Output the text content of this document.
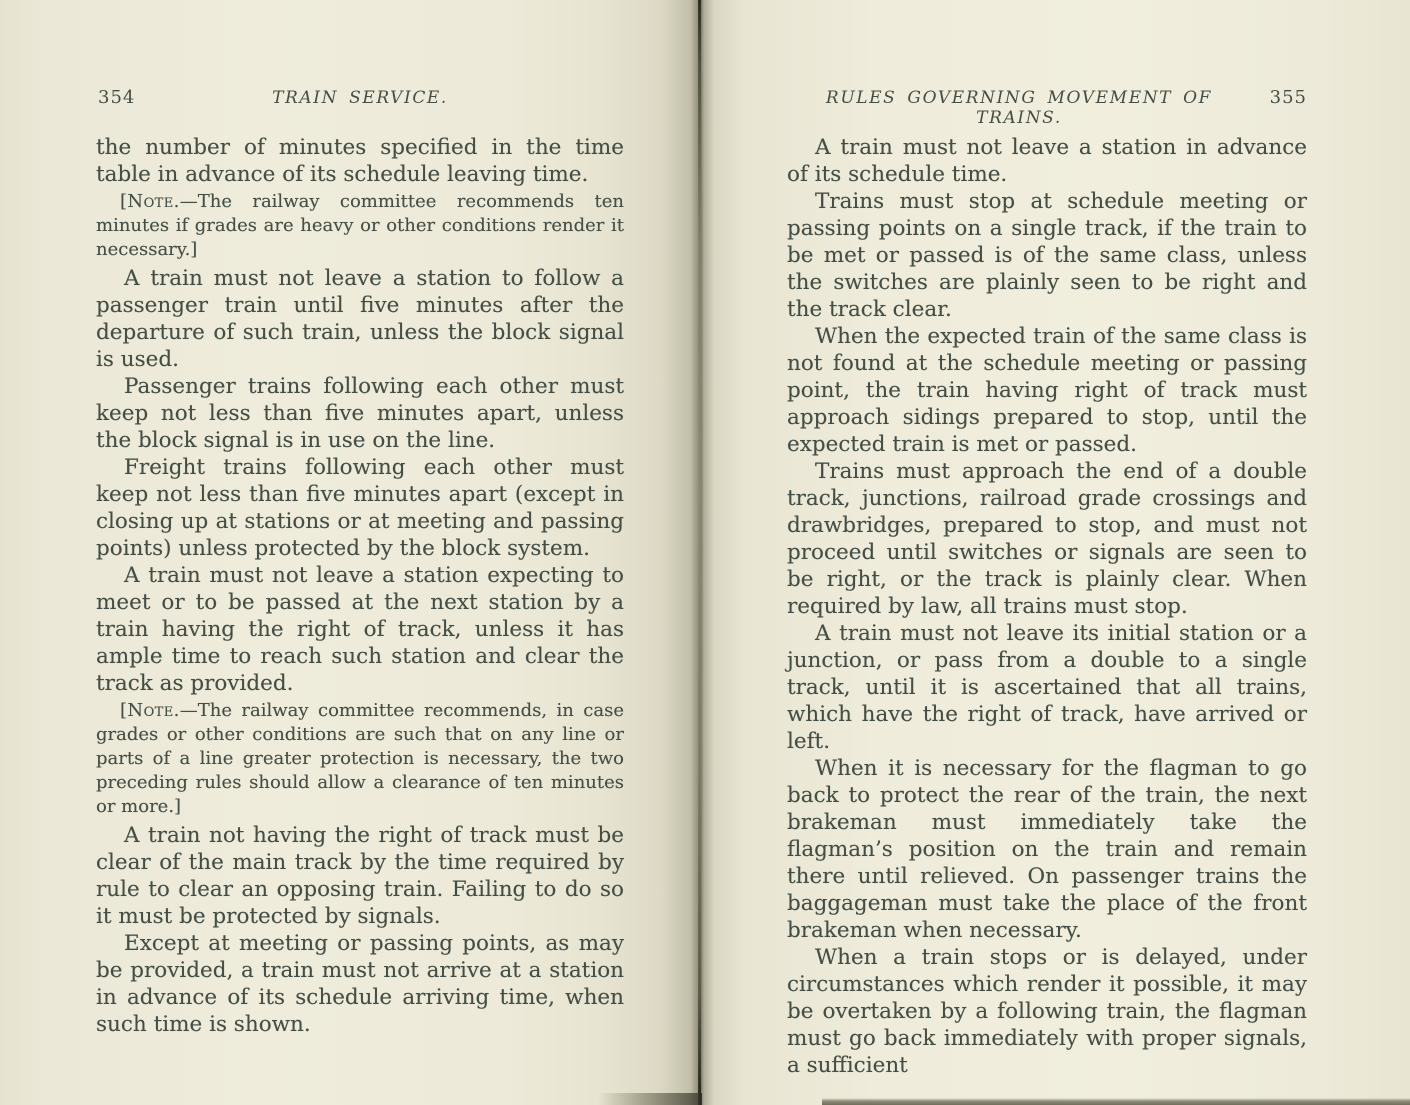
354	TRAIN SERVICE.

the number of minutes specified in the time table in advance of its schedule leaving time.

[Note.—The railway committee recommends ten minutes if grades are heavy or other conditions render it necessary.]

A train must not leave a station to follow a passenger train until five minutes after the departure of such train, unless the block signal is used.

Passenger trains following each other must keep not less than five minutes apart, unless the block signal is in use on the line.

Freight trains following each other must keep not less than five minutes apart (except in closing up at stations or at meeting and passing points) unless protected by the block system.

A train must not leave a station expecting to meet or to be passed at the next station by a train having the right of track, unless it has ample time to reach such station and clear the track as provided.

[Note.—The railway committee recommends, in case grades or other conditions are such that on any line or parts of a line greater protection is necessary, the two preceding rules should allow a clearance of ten minutes or more.]

A train not having the right of track must be clear of the main track by the time required by rule to clear an opposing train. Failing to do so it must be protected by signals.

Except at meeting or passing points, as may be provided, a train must not arrive at a station in advance of its schedule arriving time, when such time is shown.

RULES GOVERNING MOVEMENT OF TRAINS.
355

A train must not leave a station in advance of its schedule time.

Trains must stop at schedule meeting or passing points on a single track, if the train to be met or passed is of the same class, unless the switches are plainly seen to be right and the track clear.

When the expected train of the same class is not found at the schedule meeting or passing point, the train having right of track must approach sidings prepared to stop, until the expected train is met or passed.

Trains must approach the end of a double track, junctions, railroad grade crossings and drawbridges, prepared to stop, and must not proceed until switches or signals are seen to be right, or the track is plainly clear. When required by law, all trains must stop.

A train must not leave its initial station or a junction, or pass from a double to a single track, until it is ascertained that all trains, which have the right of track, have arrived or left.

When it is necessary for the flagman to go back to protect the rear of the train, the next brakeman must immediately take the flagman’s position on the train and remain there until relieved. On passenger trains the baggageman must take the place of the front brakeman when necessary.

When a train stops or is delayed, under circumstances which render it possible, it may be overtaken by a following train, the flagman must go back immediately with proper signals, a sufficient
